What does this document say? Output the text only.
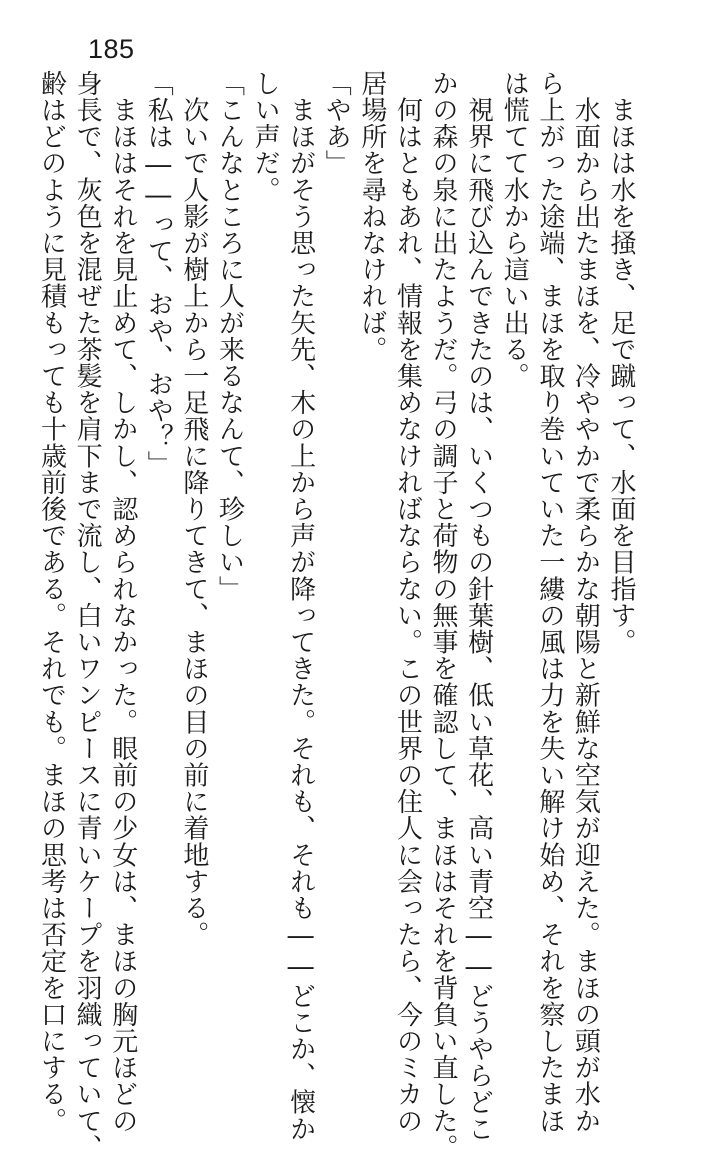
185
　まほは水を掻き、足で蹴って、水面を目指す。
　水面から出たまほを、冷ややかで柔らかな朝陽と新鮮な空気が迎えた。まほの頭が水か
ら上がった途端、まほを取り巻いていた一縷の風は力を失い解け始め、それを察したまほ
は慌てて水から這い出る。
　視界に飛び込んできたのは、いくつもの針葉樹、低い草花、高い青空――どうやらどこ
かの森の泉に出たようだ。弓の調子と荷物の無事を確認して、まほはそれを背負い直した。
　何はともあれ、情報を集めなければならない。この世界の住人に会ったら、今のミカの
居場所を尋ねなければ。
「やあ」
　まほがそう思った矢先、木の上から声が降ってきた。それも、それも――どこか、懐か
しい声だ。
「こんなところに人が来るなんて、珍しい」
　次いで人影が樹上から一足飛に降りてきて、まほの目の前に着地する。
「私は――って、おや、おや？」
　まほはそれを見止めて、しかし、認められなかった。眼前の少女は、まほの胸元ほどの
身長で、灰色を混ぜた茶髪を肩下まで流し、白いワンピースに青いケープを羽織っていて、
齢はどのように見積もっても十歳前後である。それでも。まほの思考は否定を口にする。
